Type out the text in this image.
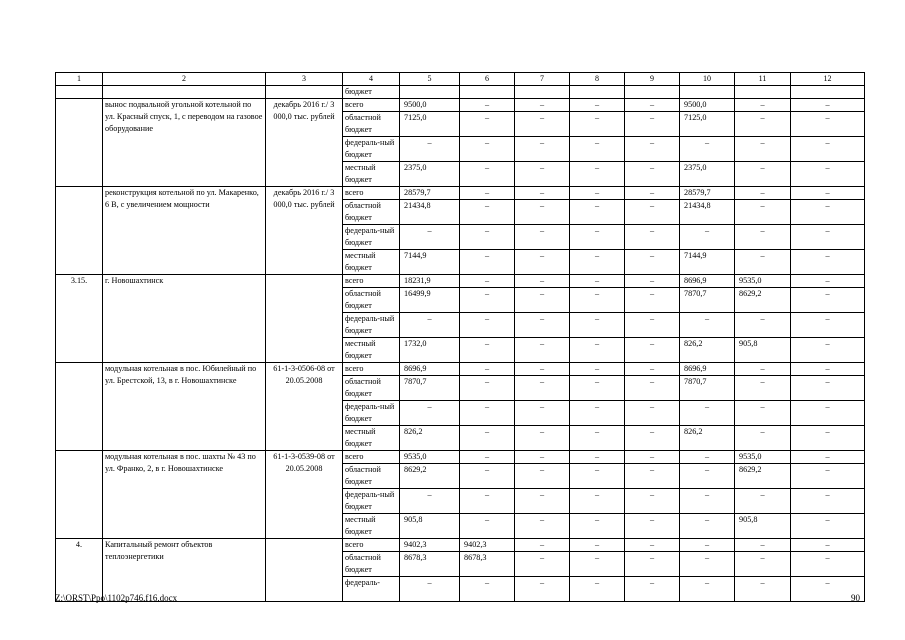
1	2	3	4	5	6	7	8	9	10	11	12
			бюджет								
	вынос подвальной угольной котельной по ул. Красный спуск, 1, с переводом на газовое оборудование	декабрь 2016 г./ 3 000,0 тыс. рублей	всего	9500,0	–	–	–	–	9500,0	–	–
			областной бюджет	7125,0	–	–	–	–	7125,0	–	–
			федераль-ный бюджет	–	–	–	–	–	–	–	–
			местный бюджет	2375,0	–	–	–	–	2375,0	–	–
	реконструкция котельной по ул. Макаренко, 6 В, с увеличением мощности	декабрь 2016 г./ 3 000,0 тыс. рублей	всего	28579,7	–	–	–	–	28579,7	–	–
			областной бюджет	21434,8	–	–	–	–	21434,8	–	–
			федераль-ный бюджет	–	–	–	–	–	–	–	–
			местный бюджет	7144,9	–	–	–	–	7144,9	–	–
3.15.	г. Новошахтинск		всего	18231,9	–	–	–	–	8696,9	9535,0	–
			областной бюджет	16499,9	–	–	–	–	7870,7	8629,2	–
			федераль-ный бюджет	–	–	–	–	–	–	–	–
			местный бюджет	1732,0	–	–	–	–	826,2	905,8	–
	модульная котельная в пос. Юбилейный по ул. Брестской, 13, в г. Новошахтинске	61-1-3-0506-08 от 20.05.2008	всего	8696,9	–	–	–	–	8696,9	–	–
			областной бюджет	7870,7	–	–	–	–	7870,7	–	–
			федераль-ный бюджет	–	–	–	–	–	–	–	–
			местный бюджет	826,2	–	–	–	–	826,2	–	–
	модульная котельная в пос. шахты № 43 по ул. Франко, 2, в г. Новошахтинске	61-1-3-0539-08 от 20.05.2008	всего	9535,0	–	–	–	–	–	9535,0	–
			областной бюджет	8629,2	–	–	–	–	–	8629,2	–
			федераль-ный бюджет	–	–	–	–	–	–	–	–
			местный бюджет	905,8	–	–	–	–	–	905,8	–
4.	Капитальный ремонт объектов теплоэнергетики		всего	9402,3	9402,3	–	–	–	–	–	–
			областной бюджет	8678,3	8678,3	–	–	–	–	–	–
			федераль-	–	–	–	–	–	–	–	–
Z:\ORST\Ppo\1102p746.f16.docx	90
